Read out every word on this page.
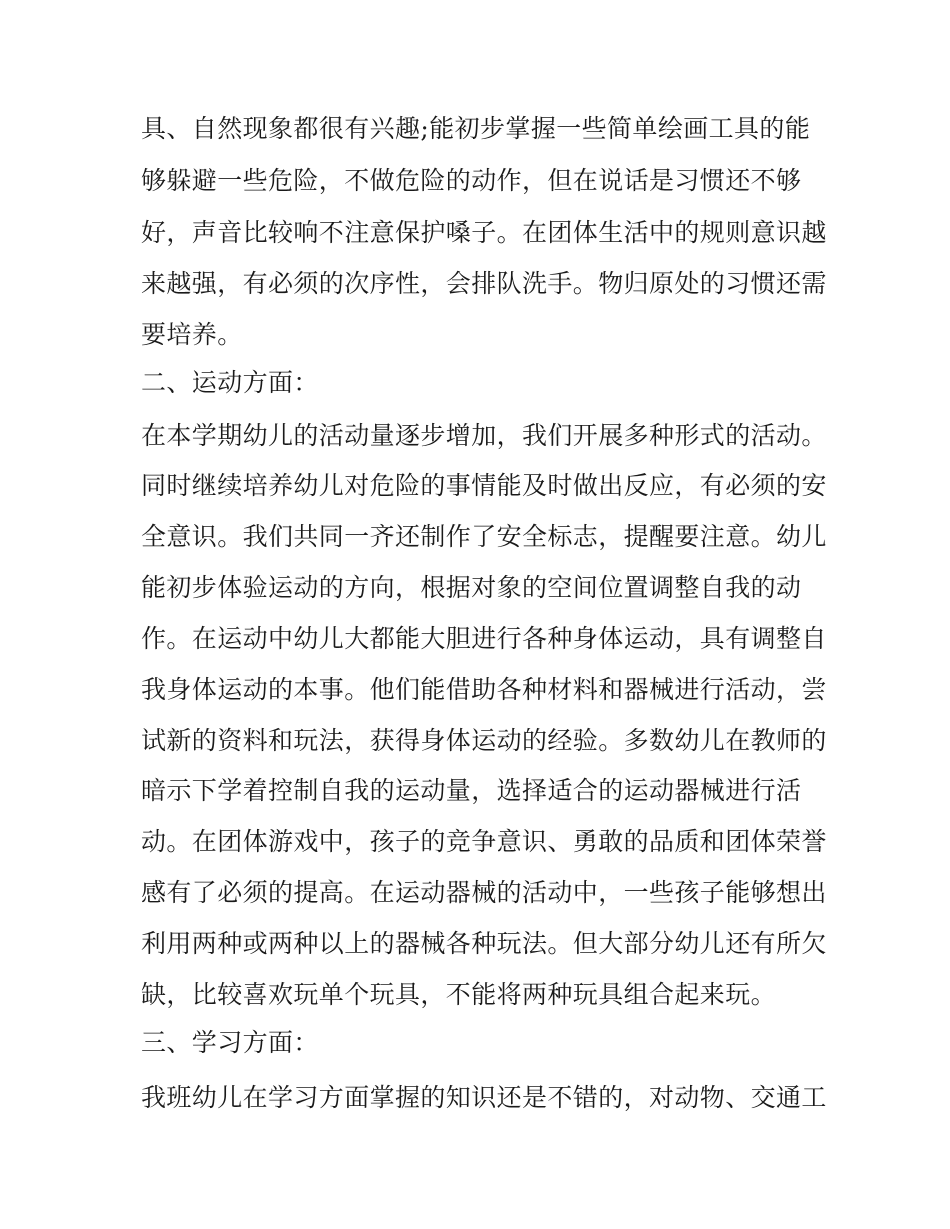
具、自然现象都很有兴趣;能初步掌握一些简单绘画工具的能
够躲避一些危险，不做危险的动作，但在说话是习惯还不够
好，声音比较响不注意保护嗓子。在团体生活中的规则意识越
来越强，有必须的次序性，会排队洗手。物归原处的习惯还需
要培养。
二、运动方面：
在本学期幼儿的活动量逐步增加，我们开展多种形式的活动。
同时继续培养幼儿对危险的事情能及时做出反应，有必须的安
全意识。我们共同一齐还制作了安全标志，提醒要注意。幼儿
能初步体验运动的方向，根据对象的空间位置调整自我的动
作。在运动中幼儿大都能大胆进行各种身体运动，具有调整自
我身体运动的本事。他们能借助各种材料和器械进行活动，尝
试新的资料和玩法，获得身体运动的经验。多数幼儿在教师的
暗示下学着控制自我的运动量，选择适合的运动器械进行活
动。在团体游戏中，孩子的竞争意识、勇敢的品质和团体荣誉
感有了必须的提高。在运动器械的活动中，一些孩子能够想出
利用两种或两种以上的器械各种玩法。但大部分幼儿还有所欠
缺，比较喜欢玩单个玩具，不能将两种玩具组合起来玩。
三、学习方面：
我班幼儿在学习方面掌握的知识还是不错的，对动物、交通工
